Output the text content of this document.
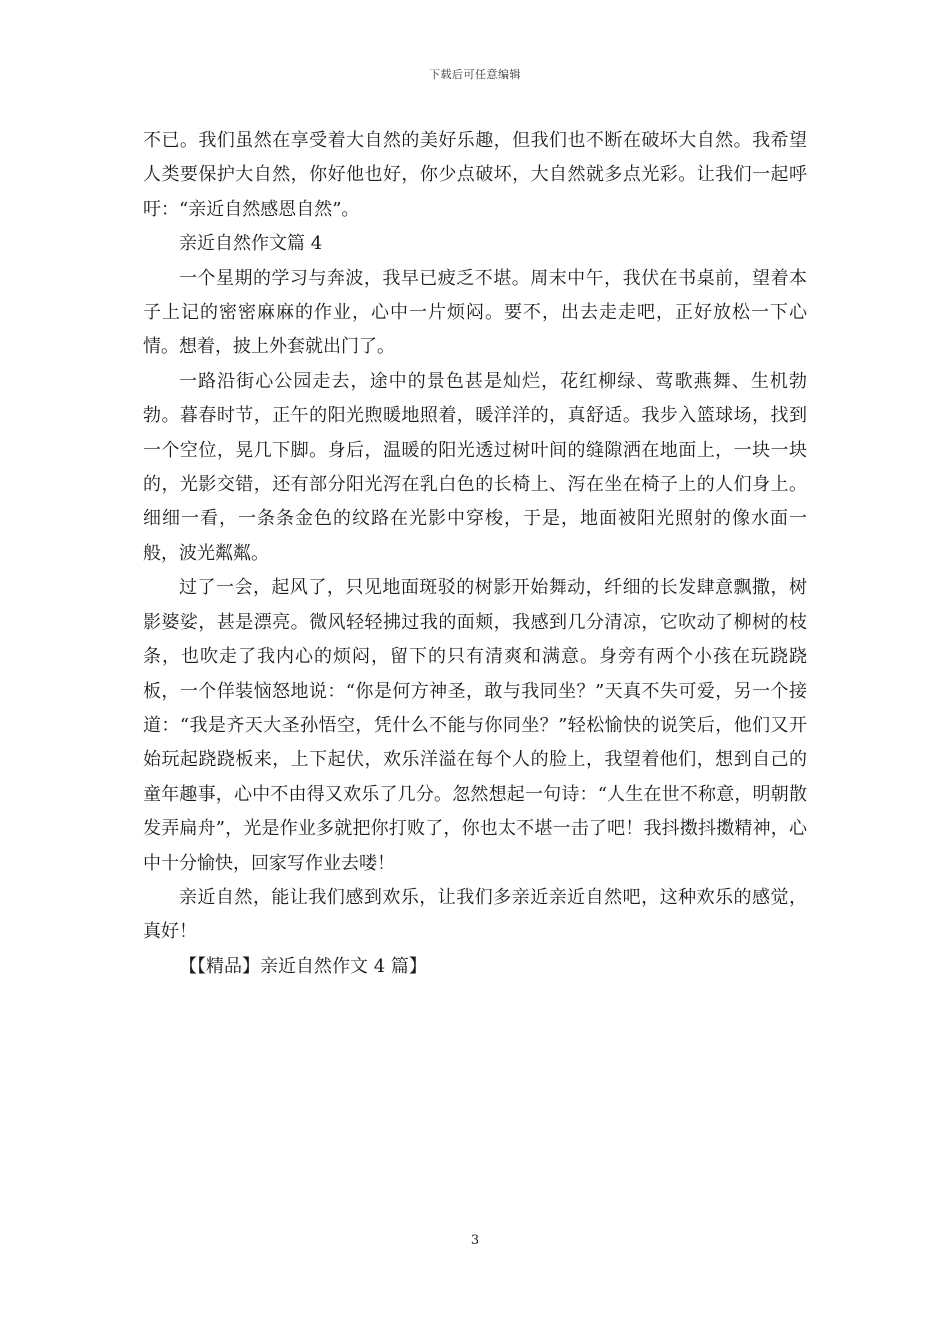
下载后可任意编辑

不已。我们虽然在享受着大自然的美好乐趣，但我们也不断在破坏大自然。我希望人类要保护大自然，你好他也好，你少点破坏，大自然就多点光彩。让我们一起呼吁：“亲近自然感恩自然”。

亲近自然作文篇 4

一个星期的学习与奔波，我早已疲乏不堪。周末中午，我伏在书桌前，望着本子上记的密密麻麻的作业，心中一片烦闷。要不，出去走走吧，正好放松一下心情。想着，披上外套就出门了。

一路沿街心公园走去，途中的景色甚是灿烂，花红柳绿、莺歌燕舞、生机勃勃。暮春时节，正午的阳光煦暖地照着，暖洋洋的，真舒适。我步入篮球场，找到一个空位，晃几下脚。身后，温暖的阳光透过树叶间的缝隙洒在地面上，一块一块的，光影交错，还有部分阳光泻在乳白色的长椅上、泻在坐在椅子上的人们身上。细细一看，一条条金色的纹路在光影中穿梭，于是，地面被阳光照射的像水面一般，波光粼粼。

过了一会，起风了，只见地面斑驳的树影开始舞动，纤细的长发肆意飘撒，树影婆娑，甚是漂亮。微风轻轻拂过我的面颊，我感到几分清凉，它吹动了柳树的枝条，也吹走了我内心的烦闷，留下的只有清爽和满意。身旁有两个小孩在玩跷跷板，一个佯装恼怒地说：“你是何方神圣，敢与我同坐？”天真不失可爱，另一个接道：“我是齐天大圣孙悟空，凭什么不能与你同坐？”轻松愉快的说笑后，他们又开始玩起跷跷板来，上下起伏，欢乐洋溢在每个人的脸上，我望着他们，想到自己的童年趣事，心中不由得又欢乐了几分。忽然想起一句诗：“人生在世不称意，明朝散发弄扁舟”，光是作业多就把你打败了，你也太不堪一击了吧！我抖擞抖擞精神，心中十分愉快，回家写作业去喽！

亲近自然，能让我们感到欢乐，让我们多亲近亲近自然吧，这种欢乐的感觉，真好！

【【精品】亲近自然作文 4 篇】

3
